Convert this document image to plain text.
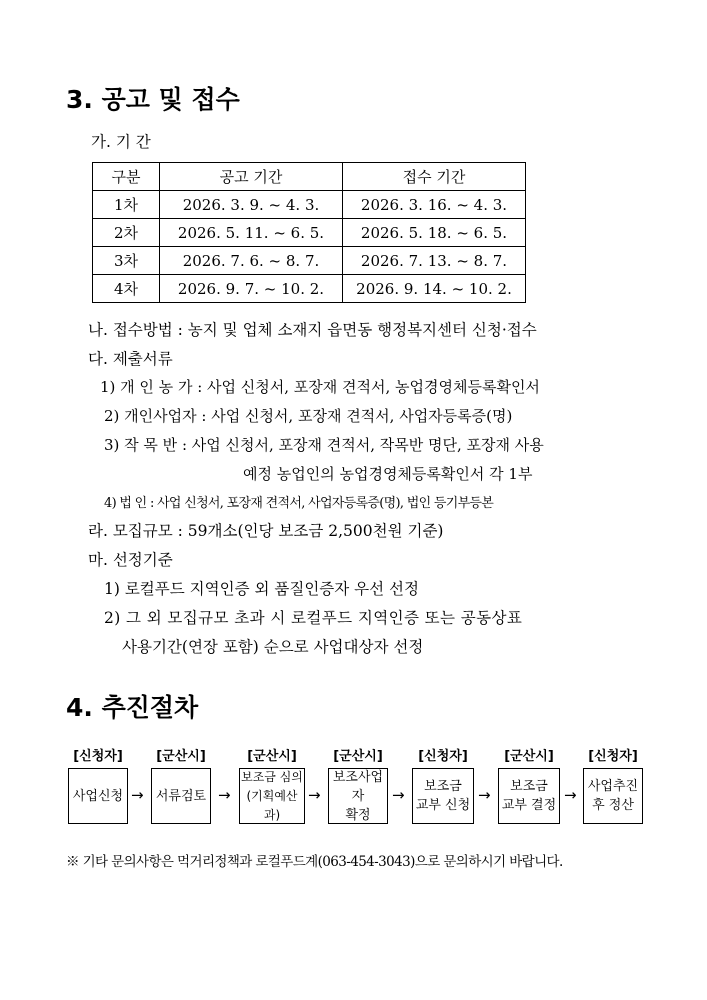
3. 공고 및 접수
가. 기 간
구분	공고 기간	접수 기간
1차	2026. 3. 9. ~ 4. 3.	2026. 3. 16. ~ 4. 3.
2차	2026. 5. 11. ~ 6. 5.	2026. 5. 18. ~ 6. 5.
3차	2026. 7. 6. ~ 8. 7.	2026. 7. 13. ~ 8. 7.
4차	2026. 9. 7. ~ 10. 2.	2026. 9. 14. ~ 10. 2.
나. 접수방법 : 농지 및 업체 소재지 읍면동 행정복지센터 신청·접수
다. 제출서류
1) 개 인 농 가 : 사업 신청서, 포장재 견적서, 농업경영체등록확인서
2) 개인사업자 : 사업 신청서, 포장재 견적서, 사업자등록증(명)
3) 작 목 반 : 사업 신청서, 포장재 견적서, 작목반 명단, 포장재 사용
예정 농업인의 농업경영체등록확인서 각 1부
4) 법 인 : 사업 신청서, 포장재 견적서, 사업자등록증(명), 법인 등기부등본
라. 모집규모 : 59개소(인당 보조금 2,500천원 기준)
마. 선정기준
1) 로컬푸드 지역인증 외 품질인증자 우선 선정
2) 그 외 모집규모 초과 시 로컬푸드 지역인증 또는 공동상표
사용기간(연장 포함) 순으로 사업대상자 선정
4. 추진절차
[신청자]	[군산시]	[군산시]	[군산시]	[신청자]	[군산시]	[신청자]
사업신청	서류검토
보조금 심의
(기획예산과)
보조사업자
확정
보조금
교부 신청
보조금
교부 결정
사업추진
후 정산
→	→	→	→	→	→
※ 기타 문의사항은 먹거리정책과 로컬푸드계(063-454-3043)으로 문의하시기 바랍니다.
